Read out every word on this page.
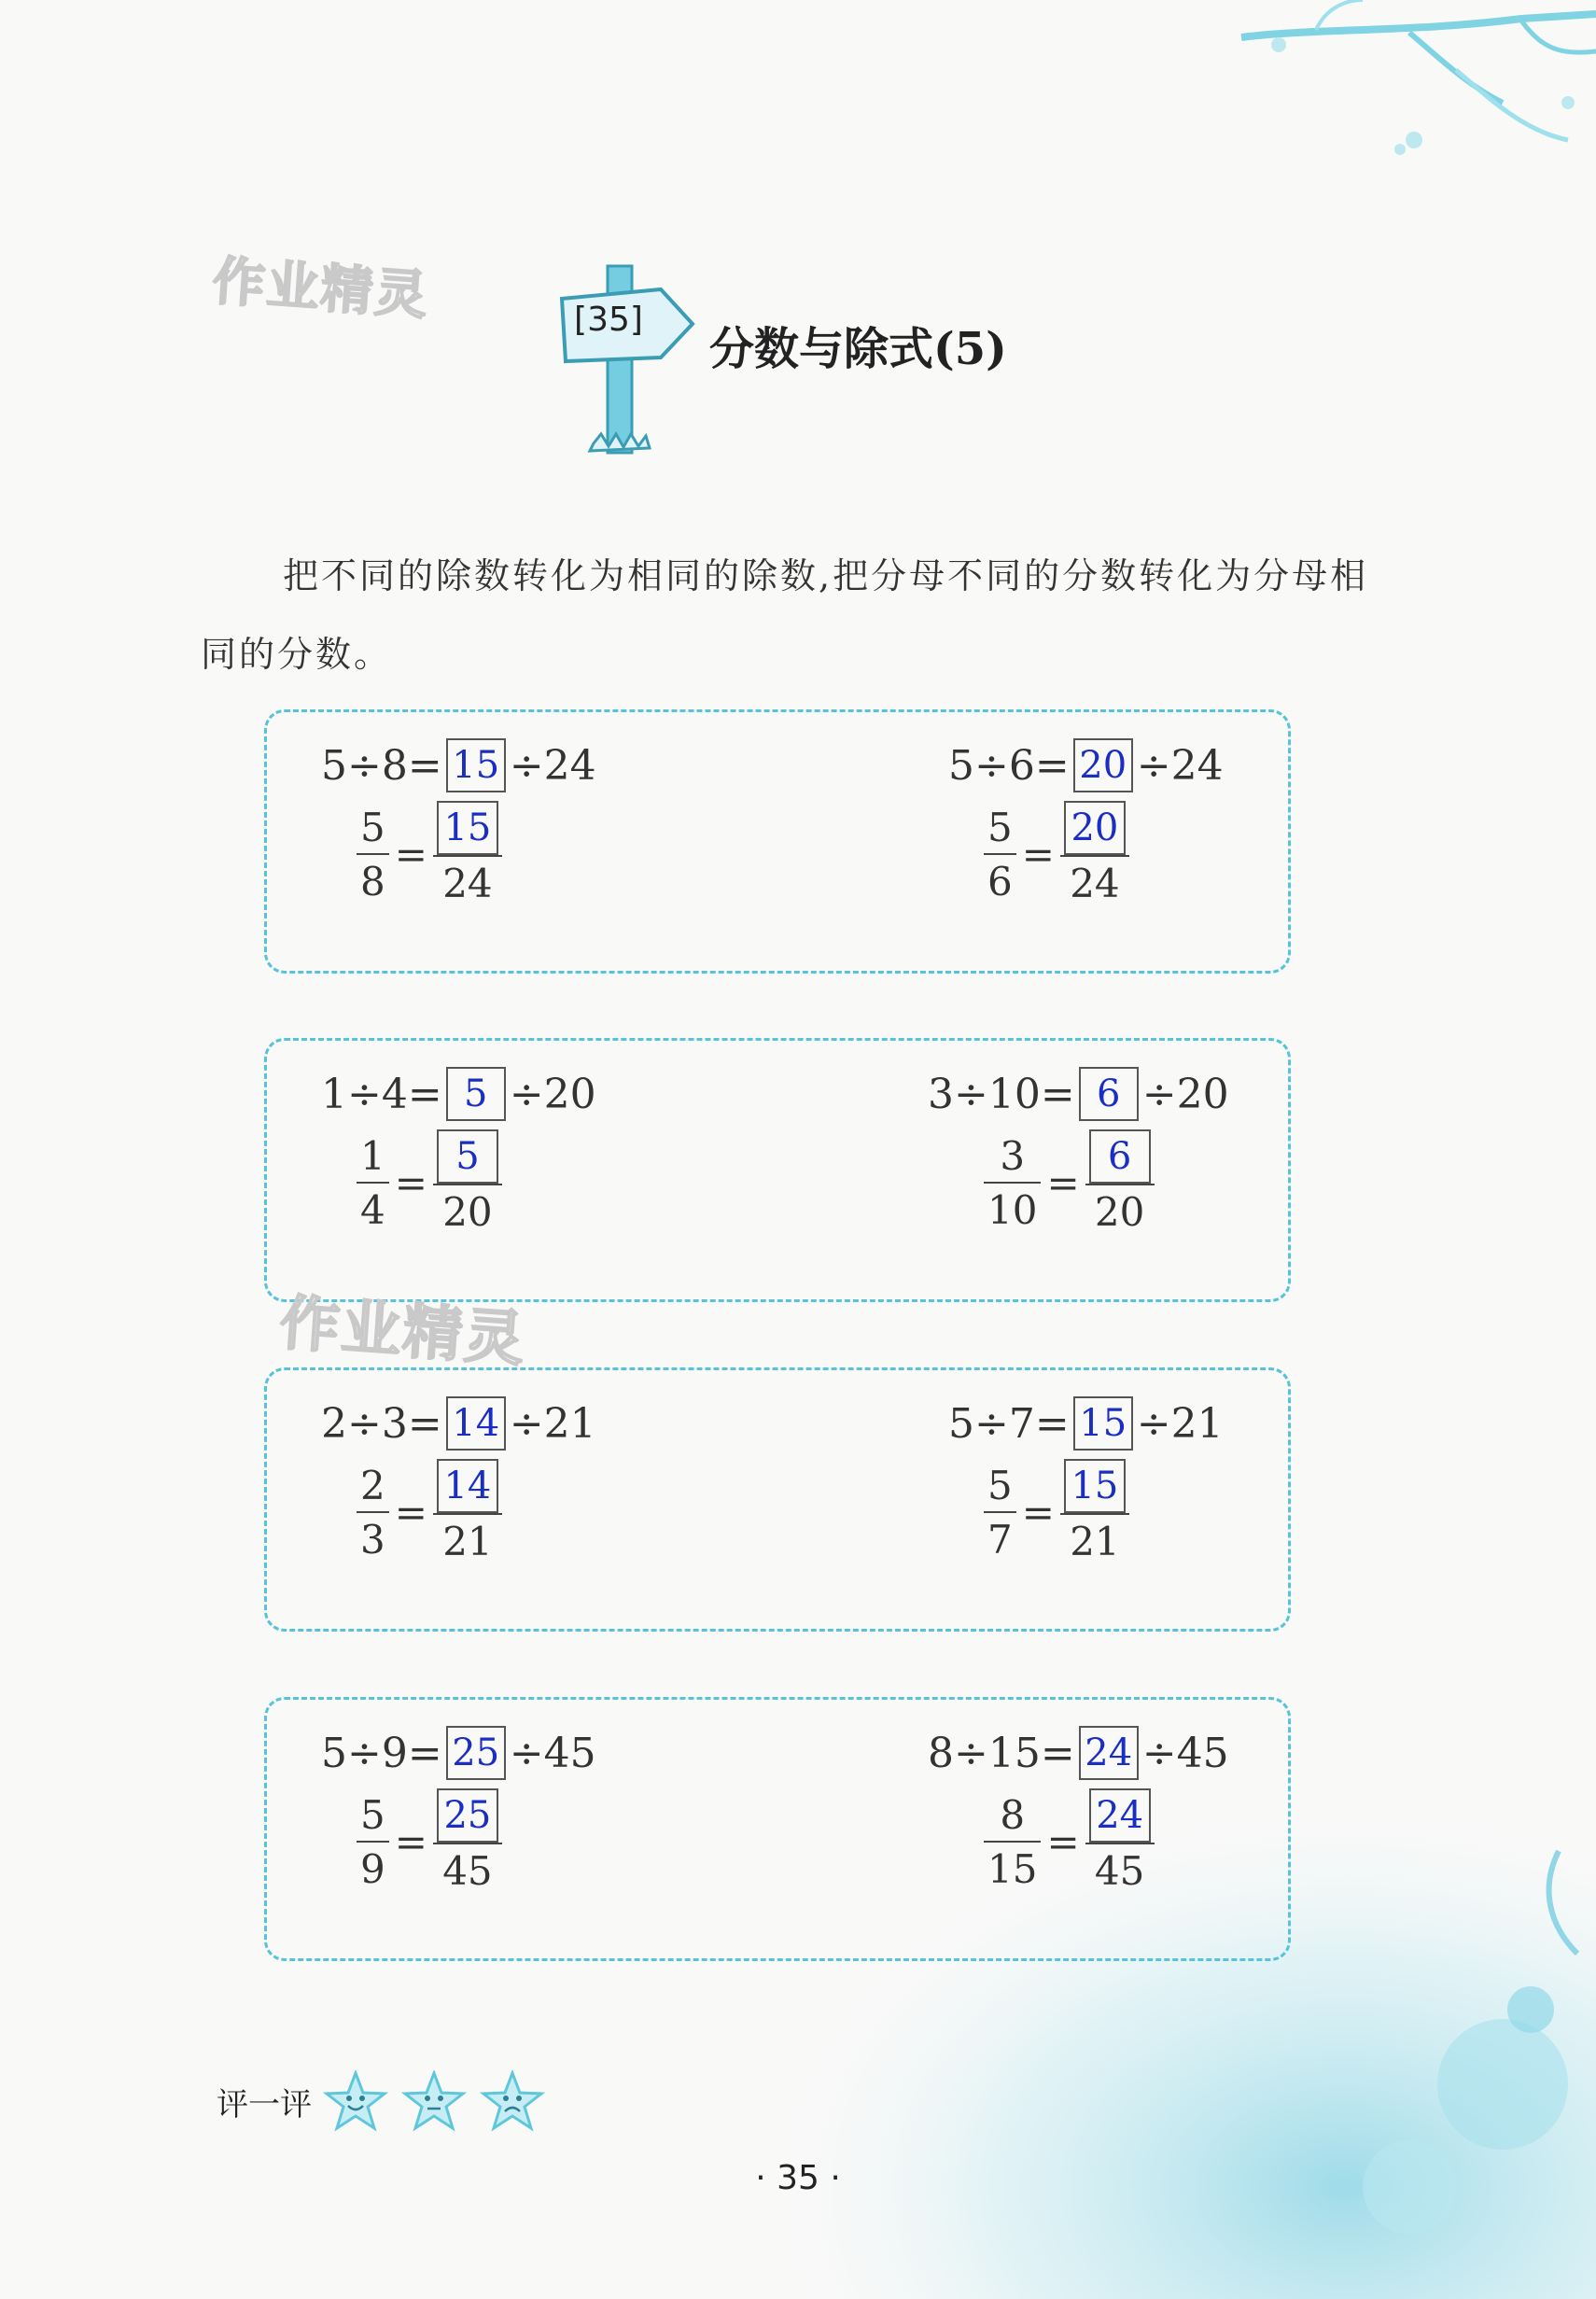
作业精灵	[35]
分数与除式(5)
把不同的除数转化为相同的除数,把分母不同的分数转化为分母相同的分数。
5 ÷ 8 = 15 ÷ 24
$\frac{5}{8} = \frac{15}{24}$
5 ÷ 6 = 20 ÷ 24
$\frac{5}{6} = \frac{20}{24}$
1 ÷ 4 = 5 ÷ 20
$\frac{1}{4} = \frac{5}{20}$
3 ÷ 10 = 6 ÷ 20
$\frac{3}{10} = \frac{6}{20}$
2 ÷ 3 = 14 ÷ 21
$\frac{2}{3} = \frac{14}{21}$
5 ÷ 7 = 15 ÷ 21
$\frac{5}{7} = \frac{15}{21}$
5 ÷ 9 = 25 ÷ 45
$\frac{5}{9} = \frac{25}{45}$
8 ÷ 15 = 24 ÷ 45
$\frac{8}{15} = \frac{24}{45}$
作业精灵
评一评
· 35 ·
